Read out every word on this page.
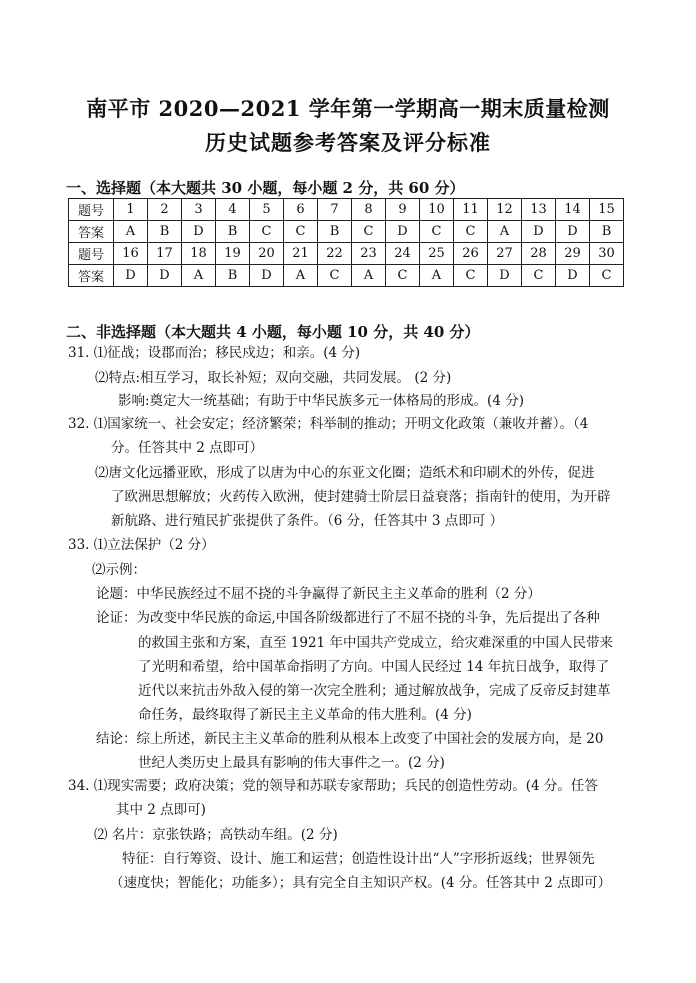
南平市 2020—2021 学年第一学期高一期末质量检测
历史试题参考答案及评分标准
一、选择题（本大题共 30 小题，每小题 2 分，共 60 分）
题号	1	2	3	4	5	6	7	8	9	10	11	12	13	14	15
答案	A	B	D	B	C	C	B	C	D	C	C	A	D	D	B
题号	16	17	18	19	20	21	22	23	24	25	26	27	28	29	30
答案	D	D	A	B	D	A	C	A	C	A	C	D	C	D	C
二、非选择题（本大题共 4 小题，每小题 10 分，共 40 分）
31. ⑴征战；设郡而治；移民戍边；和亲。(4 分)
⑵特点:相互学习，取长补短；双向交融，共同发展。 (2 分)
影响:奠定大一统基础；有助于中华民族多元一体格局的形成。(4 分)
32. ⑴国家统一、社会安定；经济繁荣；科举制的推动；开明文化政策（兼收并蓄）。（4
分。任答其中 2 点即可）
⑵唐文化远播亚欧，形成了以唐为中心的东亚文化圈；造纸术和印刷术的外传，促进
了欧洲思想解放；火药传入欧洲，使封建骑士阶层日益衰落；指南针的使用，为开辟
新航路、进行殖民扩张提供了条件。（6 分，任答其中 3 点即可 ）
33. ⑴立法保护（2 分）
⑵示例：
论题：中华民族经过不屈不挠的斗争赢得了新民主主义革命的胜利（2 分）
论证：为改变中华民族的命运,中国各阶级都进行了不屈不挠的斗争，先后提出了各种
的救国主张和方案，直至 1921 年中国共产党成立，给灾难深重的中国人民带来
了光明和希望，给中国革命指明了方向。中国人民经过 14 年抗日战争，取得了
近代以来抗击外敌入侵的第一次完全胜利；通过解放战争，完成了反帝反封建革
命任务，最终取得了新民主主义革命的伟大胜利。(4 分)
结论：综上所述，新民主主义革命的胜利从根本上改变了中国社会的发展方向，是 20
世纪人类历史上最具有影响的伟大事件之一。(2 分)
34. ⑴现实需要；政府决策；党的领导和苏联专家帮助；兵民的创造性劳动。(4 分。任答
其中 2 点即可)
⑵ 名片：京张铁路；高铁动车组。(2 分)
特征：自行筹资、设计、施工和运营；创造性设计出“人”字形折返线；世界领先
（速度快；智能化；功能多）；具有完全自主知识产权。(4 分。任答其中 2 点即可）
